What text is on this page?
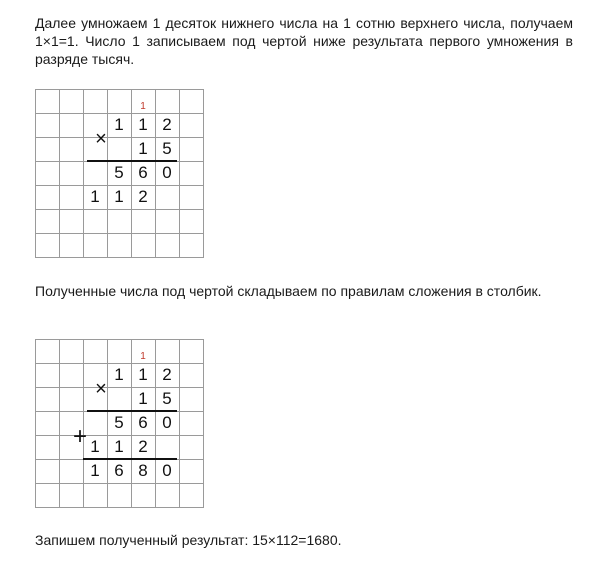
Далее умножаем 1 десяток нижнего числа на 1 сотню верхнего числа, получаем 1×1=1. Число 1 записываем под чертой ниже результата первого умножения в разряде тысяч.

1
×
1 1 2
1 5
5 6 0
1 1 2

Полученные числа под чертой складываем по правилам сложения в столбик.

1
×
+
1 1 2
1 5
5 6 0
1 1 2
1 6 8 0

Запишем полученный результат: 15×112=1680.
